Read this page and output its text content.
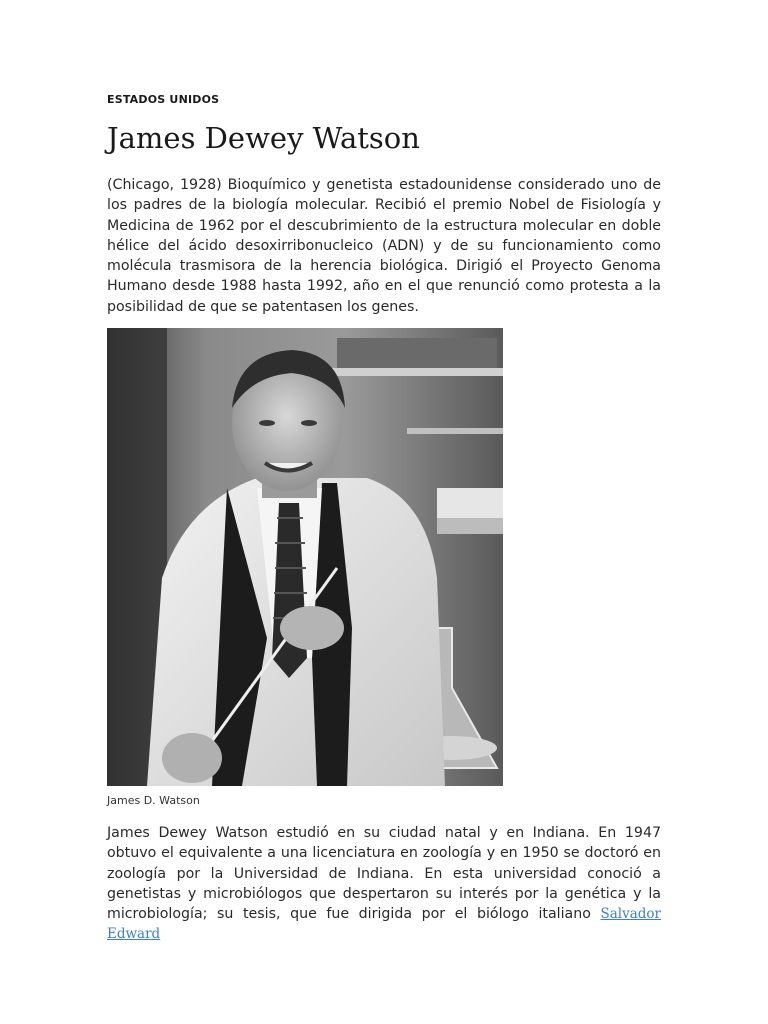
ESTADOS UNIDOS

James Dewey Watson

(Chicago, 1928) Bioquímico y genetista estadounidense considerado uno de los padres de la biología molecular. Recibió el premio Nobel de Fisiología y Medicina de 1962 por el descubrimiento de la estructura molecular en doble hélice del ácido desoxirribonucleico (ADN) y de su funcionamiento como molécula trasmisora de la herencia biológica. Dirigió el Proyecto Genoma Humano desde 1988 hasta 1992, año en el que renunció como protesta a la posibilidad de que se patentasen los genes.

James D. Watson

James Dewey Watson estudió en su ciudad natal y en Indiana. En 1947 obtuvo el equivalente a una licenciatura en zoología y en 1950 se doctoró en zoología por la Universidad de Indiana. En esta universidad conoció a genetistas y microbiólogos que despertaron su interés por la genética y la microbiología; su tesis, que fue dirigida por el biólogo italiano Salvador Edward
